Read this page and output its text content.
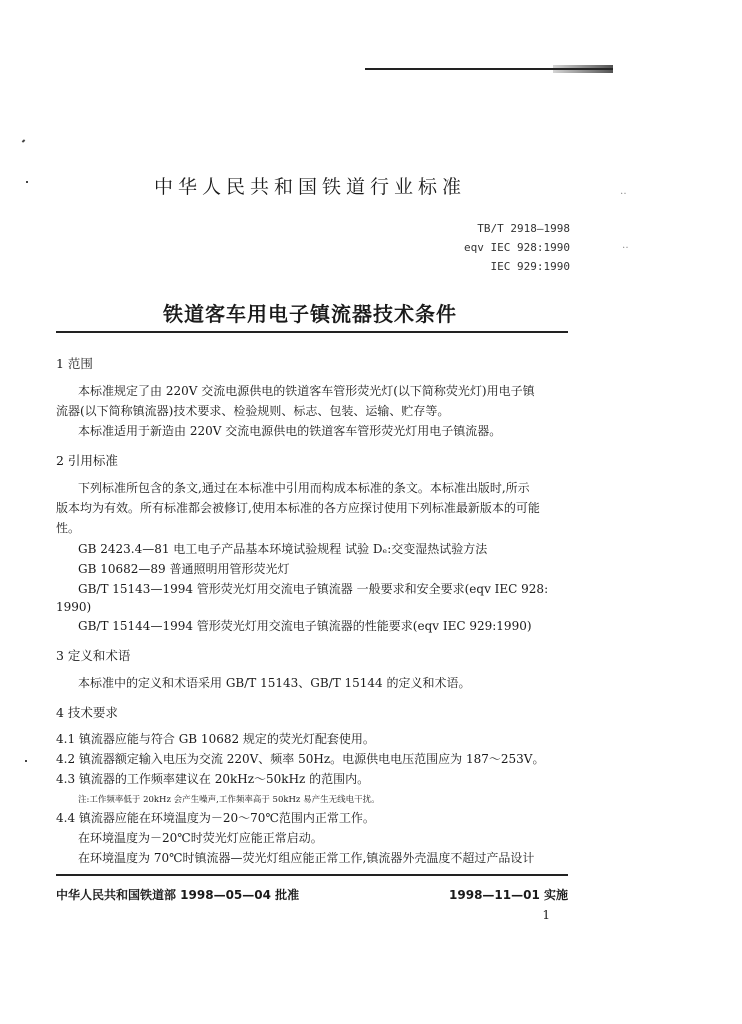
‥
‥
中华人民共和国铁道行业标准
TB/T 2918—1998
eqv IEC 928:1990
IEC 929:1990
铁道客车用电子镇流器技术条件
1 范围
本标准规定了由 220V 交流电源供电的铁道客车管形荧光灯(以下简称荧光灯)用电子镇
流器(以下简称镇流器)技术要求、检验规则、标志、包装、运输、贮存等。
本标准适用于新造由 220V 交流电源供电的铁道客车管形荧光灯用电子镇流器。
2 引用标准
下列标准所包含的条文,通过在本标准中引用而构成本标准的条文。本标准出版时,所示
版本均为有效。所有标准都会被修订,使用本标准的各方应探讨使用下列标准最新版本的可能
性。
GB 2423.4—81 电工电子产品基本环境试验规程 试验 Dₑ:交变湿热试验方法
GB 10682—89 普通照明用管形荧光灯
GB/T 15143—1994 管形荧光灯用交流电子镇流器 一般要求和安全要求(eqv IEC 928:
1990)
GB/T 15144—1994 管形荧光灯用交流电子镇流器的性能要求(eqv IEC 929:1990)
3 定义和术语
本标准中的定义和术语采用 GB/T 15143、GB/T 15144 的定义和术语。
4 技术要求
4.1 镇流器应能与符合 GB 10682 规定的荧光灯配套使用。
4.2 镇流器额定输入电压为交流 220V、频率 50Hz。电源供电电压范围应为 187～253V。
4.3 镇流器的工作频率建议在 20kHz～50kHz 的范围内。
注:工作频率低于 20kHz 会产生噪声,工作频率高于 50kHz 易产生无线电干扰。
4.4 镇流器应能在环境温度为－20～70℃范围内正常工作。
在环境温度为－20℃时荧光灯应能正常启动。
在环境温度为 70℃时镇流器—荧光灯组应能正常工作,镇流器外壳温度不超过产品设计
中华人民共和国铁道部 1998—05—04 批准	1998—11—01 实施
1
